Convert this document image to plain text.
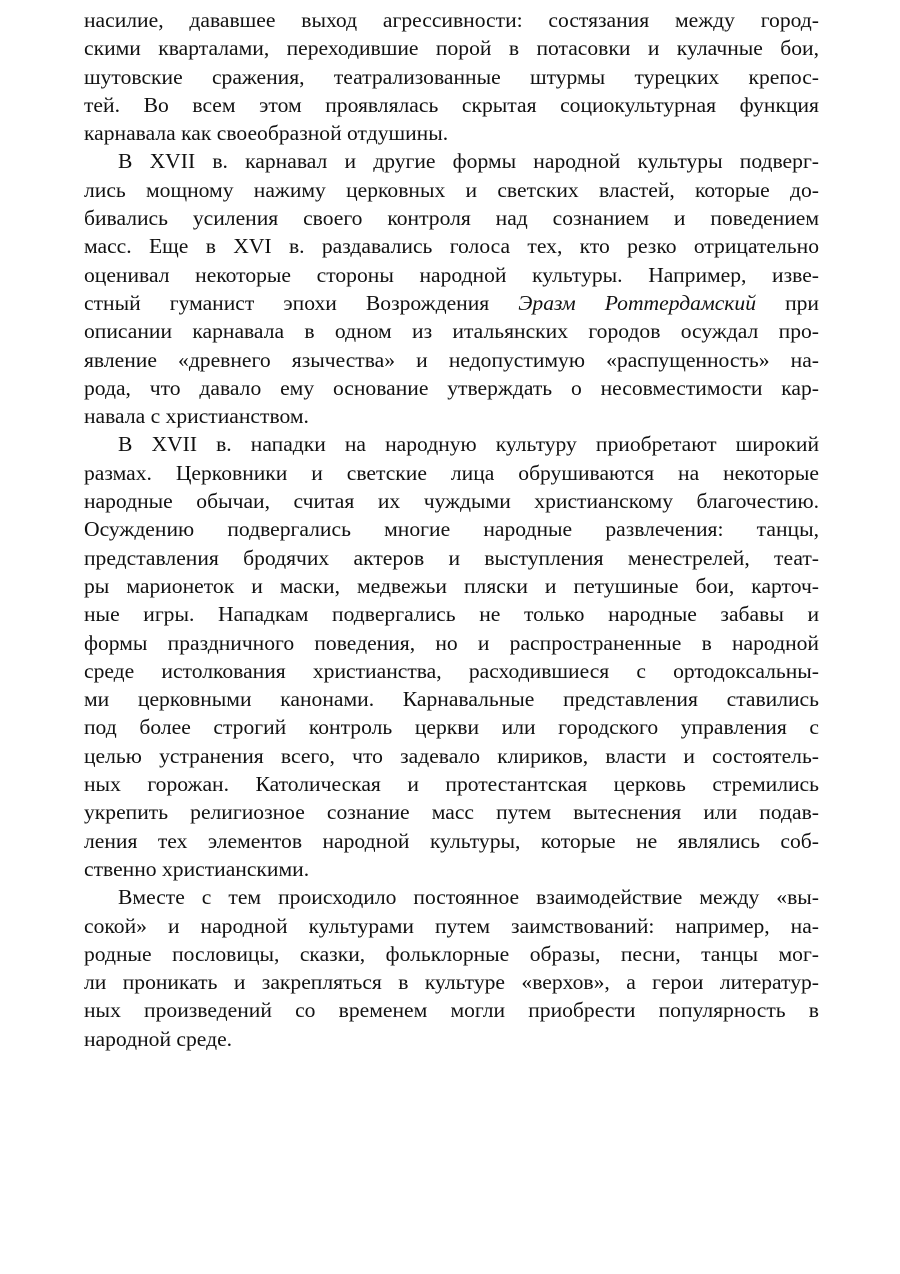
насилие, дававшее выход агрессивности: состязания между город-
скими кварталами, переходившие порой в потасовки и кулачные бои,
шутовские сражения, театрализованные штурмы турецких крепос-
тей. Во всем этом проявлялась скрытая социокультурная функция
карнавала как своеобразной отдушины.
В XVII в. карнавал и другие формы народной культуры подверг-
лись мощному нажиму церковных и светских властей, которые до-
бивались усиления своего контроля над сознанием и поведением
масс. Еще в XVI в. раздавались голоса тех, кто резко отрицательно
оценивал некоторые стороны народной культуры. Например, изве-
стный гуманист эпохи Возрождения Эразм Роттердамский при
описании карнавала в одном из итальянских городов осуждал про-
явление «древнего язычества» и недопустимую «распущенность» на-
рода, что давало ему основание утверждать о несовместимости кар-
навала с христианством.
В XVII в. нападки на народную культуру приобретают широкий
размах. Церковники и светские лица обрушиваются на некоторые
народные обычаи, считая их чуждыми христианскому благочестию.
Осуждению подвергались многие народные развлечения: танцы,
представления бродячих актеров и выступления менестрелей, теат-
ры марионеток и маски, медвежьи пляски и петушиные бои, карточ-
ные игры. Нападкам подвергались не только народные забавы и
формы праздничного поведения, но и распространенные в народной
среде истолкования христианства, расходившиеся с ортодоксальны-
ми церковными канонами. Карнавальные представления ставились
под более строгий контроль церкви или городского управления с
целью устранения всего, что задевало клириков, власти и состоятель-
ных горожан. Католическая и протестантская церковь стремились
укрепить религиозное сознание масс путем вытеснения или подав-
ления тех элементов народной культуры, которые не являлись соб-
ственно христианскими.
Вместе с тем происходило постоянное взаимодействие между «вы-
сокой» и народной культурами путем заимствований: например, на-
родные пословицы, сказки, фольклорные образы, песни, танцы мог-
ли проникать и закрепляться в культуре «верхов», а герои литератур-
ных произведений со временем могли приобрести популярность в
народной среде.
